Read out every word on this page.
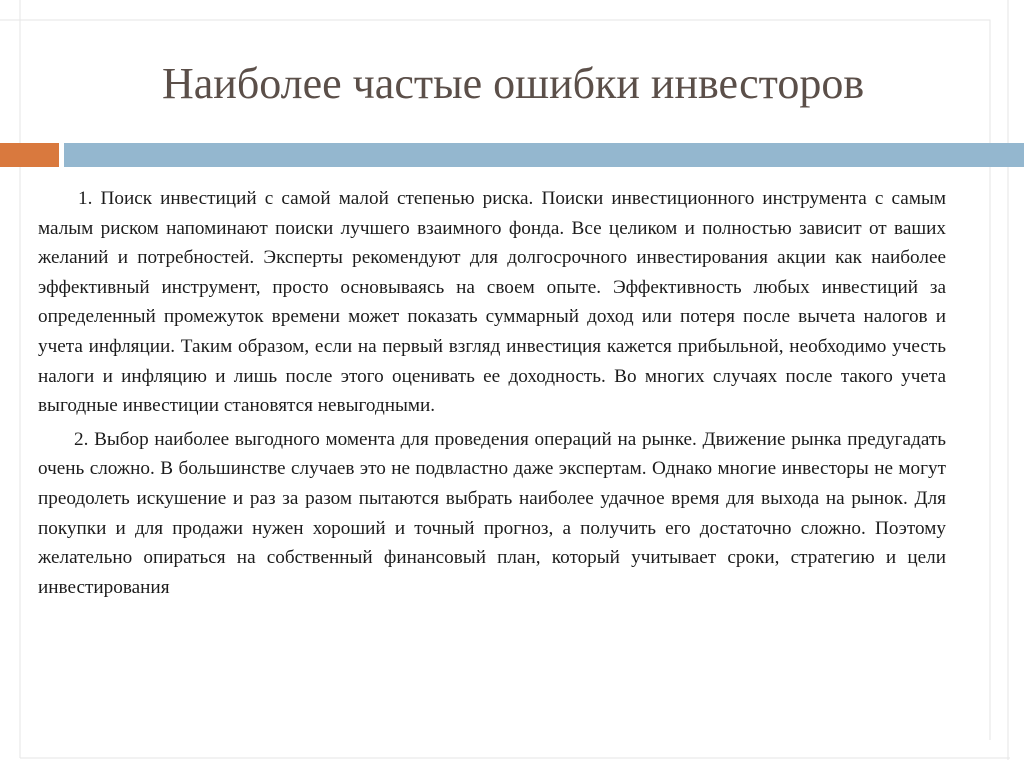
Наиболее частые ошибки инвесторов

1. Поиск инвестиций с самой малой степенью риска. Поиски инвестиционного инструмента с самым малым риском напоминают поиски лучшего взаимного фонда. Все целиком и полностью зависит от ваших желаний и потребностей. Эксперты рекомендуют для долгосрочного инвестирования акции как наиболее эффективный инструмент, просто основываясь на своем опыте. Эффективность любых инвестиций за определенный промежуток времени может показать суммарный доход или потеря после вычета налогов и учета инфляции. Таким образом, если на первый взгляд инвестиция кажется прибыльной, необходимо учесть налоги и инфляцию и лишь после этого оценивать ее доходность. Во многих случаях после такого учета выгодные инвестиции становятся невыгодными.

2. Выбор наиболее выгодного момента для проведения операций на рынке. Движение рынка предугадать очень сложно. В большинстве случаев это не подвластно даже экспертам. Однако многие инвесторы не могут преодолеть искушение и раз за разом пытаются выбрать наиболее удачное время для выхода на рынок. Для покупки и для продажи нужен хороший и точный прогноз, а получить его достаточно сложно. Поэтому желательно опираться на собственный финансовый план, который учитывает сроки, стратегию и цели инвестирования
